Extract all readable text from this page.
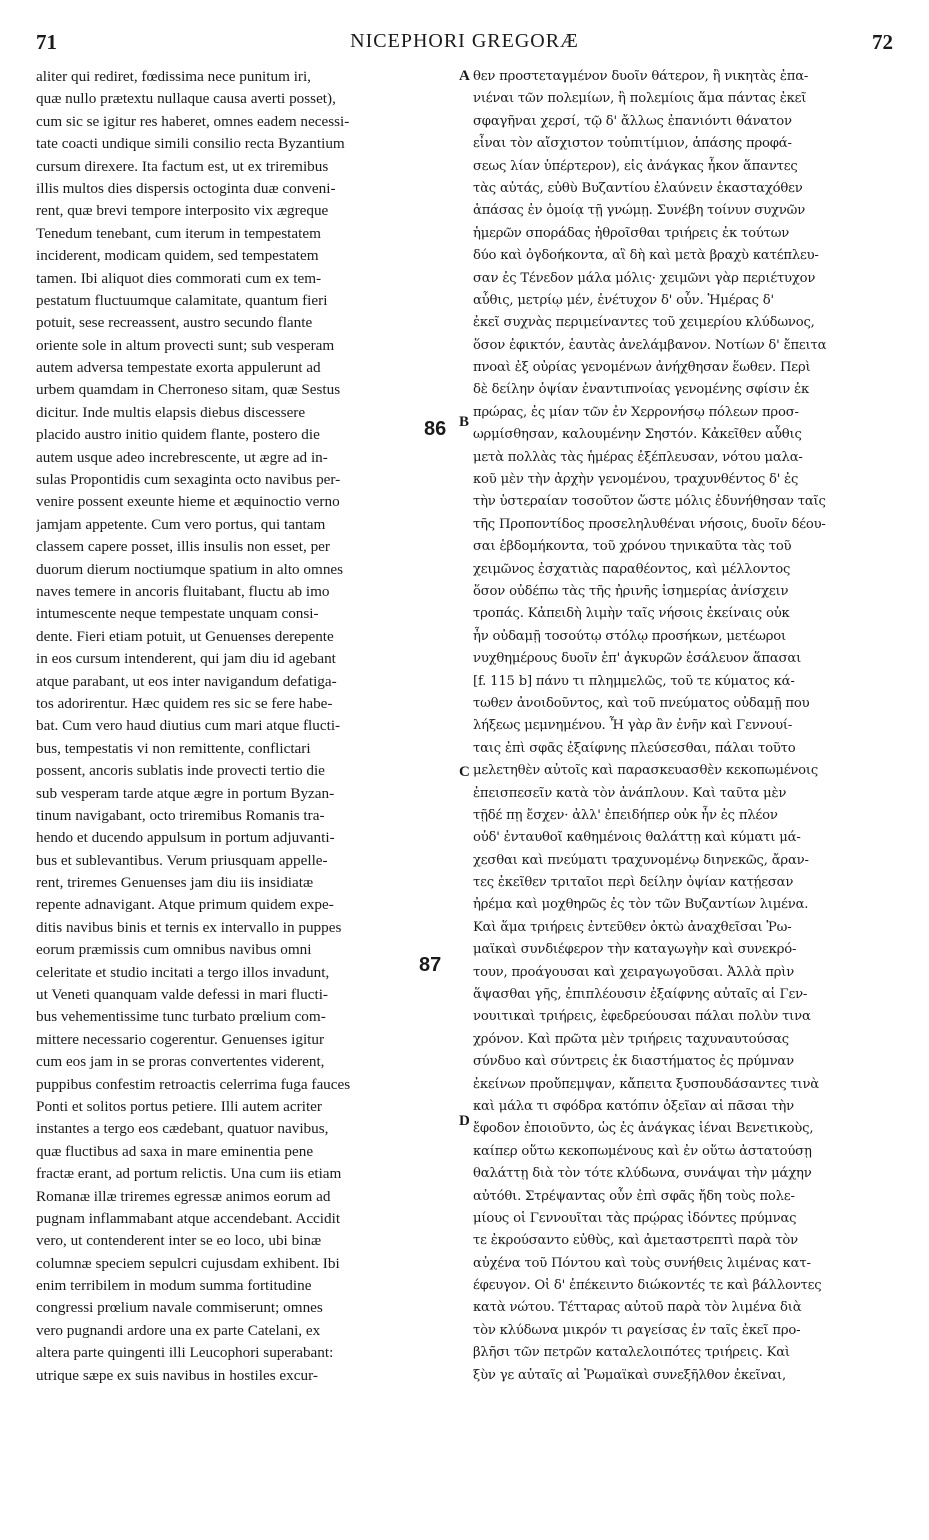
NICEPHORI GREGORÆ
71	72
aliter qui rediret, fœdissima nece punitum iri,
quæ nullo prætextu nullaque causa averti posset),
cum sic se igitur res haberet, omnes eadem necessi-
tate coacti undique simili consilio recta Byzantium
cursum direxere. Ita factum est, ut ex triremibus
illis multos dies dispersis octoginta duæ conveni-
rent, quæ brevi tempore interposito vix ægreque
Tenedum tenebant, cum iterum in tempestatem
inciderent, modicam quidem, sed tempestatem
tamen. Ibi aliquot dies commorati cum ex tem-
pestatum fluctuumque calamitate, quantum fieri
potuit, sese recreassent, austro secundo flante
oriente sole in altum provecti sunt; sub vesperam
autem adversa tempestate exorta appulerunt ad
urbem quamdam in Cherroneso sitam, quæ Sestus
dicitur. Inde multis elapsis diebus discessere
placido austro initio quidem flante, postero die
autem usque adeo increbrescente, ut ægre ad in-
sulas Propontidis cum sexaginta octo navibus per-
venire possent exeunte hieme et æquinoctio verno
jamjam appetente. Cum vero portus, qui tantam
classem capere posset, illis insulis non esset, per
duorum dierum noctiumque spatium in alto omnes
naves temere in ancoris fluitabant, fluctu ab imo
intumescente neque tempestate unquam consi-
dente. Fieri etiam potuit, ut Genuenses derepente
in eos cursum intenderent, qui jam diu id agebant
atque parabant, ut eos inter navigandum defatiga-
tos adorirentur. Hæc quidem res sic se fere habe-
bat. Cum vero haud diutius cum mari atque flucti-
bus, tempestatis vi non remittente, conflictari
possent, ancoris sublatis inde provecti tertio die
sub vesperam tarde atque ægre in portum Byzan-
tinum navigabant, octo triremibus Romanis tra-
hendo et ducendo appulsum in portum adjuvanti-
bus et sublevantibus. Verum priusquam appelle-
rent, triremes Genuenses jam diu iis insidiatæ
repente adnavigant. Atque primum quidem expe-
ditis navibus binis et ternis ex intervallo in puppes
eorum præmissis cum omnibus navibus omni
celeritate et studio incitati a tergo illos invadunt,
ut Veneti quanquam valde defessi in mari flucti-
bus vehementissime tunc turbato prœlium com-
mittere necessario cogerentur. Genuenses igitur
cum eos jam in se proras convertentes viderent,
puppibus confestim retroactis celerrima fuga fauces
Ponti et solitos portus petiere. Illi autem acriter
instantes a tergo eos cædebant, quatuor navibus,
quæ fluctibus ad saxa in mare eminentia pene
fractæ erant, ad portum relictis. Una cum iis etiam
Romanæ illæ triremes egressæ animos eorum ad
pugnam inflammabant atque accendebant. Accidit
vero, ut contenderent inter se eo loco, ubi binæ
columnæ speciem sepulcri cujusdam exhibent. Ibi
enim terribilem in modum summa fortitudine
congressi prœlium navale commiserunt; omnes
vero pugnandi ardore una ex parte Catelani, ex
altera parte quingenti illi Leucophori superabant:
utrique sæpe ex suis navibus in hostiles excur-
θεν προστεταγμένον δυοῖν θάτερον, ἢ νικητὰς ἐπα-
νιέναι τῶν πολεμίων, ἢ πολεμίοις ἅμα πάντας ἐκεῖ
σφαγῆναι χερσί, τῷ δ' ἄλλως ἐπανιόντι θάνατον
εἶναι τὸν αἴσχιστον τοὐπιτίμιον, ἁπάσης προφά-
σεως λίαν ὑπέρτερον), εἰς ἀνάγκας ἧκον ἅπαντες
τὰς αὐτάς, εὐθὺ Βυζαντίου ἐλαύνειν ἑκασταχόθεν
ἁπάσας ἐν ὁμοίᾳ τῇ γνώμῃ. Συνέβη τοίνυν συχνῶν
ἡμερῶν σποράδας ἠθροῖσθαι τριήρεις ἐκ τούτων
δύο καὶ ὀγδοήκοντα, αἳ δὴ καὶ μετὰ βραχὺ κατέπλευ-
σαν ἐς Τένεδον μάλα μόλις· χειμῶνι γὰρ περιέτυχον
αὖθις, μετρίῳ μέν, ἐνέτυχον δ' οὖν. Ἡμέρας δ'
ἐκεῖ συχνὰς περιμείναντες τοῦ χειμερίου κλύδωνος,
ὅσον ἐφικτόν, ἑαυτὰς ἀνελάμβανον. Νοτίων δ' ἔπειτα
πνοαὶ ἐξ οὐρίας γενομένων ἀνήχθησαν ἕωθεν. Περὶ
δὲ δείλην ὀψίαν ἐναντιπνοίας γενομένης σφίσιν ἐκ
πρώρας, ἐς μίαν τῶν ἐν Χερρονήσῳ πόλεων προσ-
ωρμίσθησαν, καλουμένην Σηστόν. Κἀκεῖθεν αὖθις
μετὰ πολλὰς τὰς ἡμέρας ἐξέπλευσαν, νότου μαλα-
κοῦ μὲν τὴν ἀρχὴν γενομένου, τραχυνθέντος δ' ἐς
τὴν ὑστεραίαν τοσοῦτον ὥστε μόλις ἐδυνήθησαν ταῖς
τῆς Προποντίδος προσεληλυθέναι νήσοις, δυοῖν δέου-
σαι ἑβδομήκοντα, τοῦ χρόνου τηνικαῦτα τὰς τοῦ
χειμῶνος ἐσχατιὰς παραθέοντος, καὶ μέλλοντος
ὅσον οὐδέπω τὰς τῆς ἠρινῆς ἰσημερίας ἀνίσχειν
τροπάς. Κἀπειδὴ λιμὴν ταῖς νήσοις ἐκείναις οὐκ
ἦν οὐδαμῇ τοσούτῳ στόλῳ προσήκων, μετέωροι
νυχθημέρους δυοῖν ἐπ' ἀγκυρῶν ἐσάλευον ἅπασαι
[f. 115 b] πάνυ τι πλημμελῶς, τοῦ τε κύματος κά-
τωθεν ἀνοιδοῦντος, καὶ τοῦ πνεύματος οὐδαμῇ που
λήξεως μεμνημένου. Ἦ γὰρ ἂν ἐνῆν καὶ Γεννουί-
ταις ἐπὶ σφᾶς ἐξαίφνης πλεύσεσθαι, πάλαι τοῦτο
μελετηθὲν αὐτοῖς καὶ παρασκευασθὲν κεκοπωμένοις
ἐπεισπεσεῖν κατὰ τὸν ἀνάπλουν. Καὶ ταῦτα μὲν
τῇδέ πῃ ἔσχεν· ἀλλ' ἐπειδήπερ οὐκ ἦν ἐς πλέον
οὐδ' ἐνταυθοῖ καθημένοις θαλάττῃ καὶ κύματι μά-
χεσθαι καὶ πνεύματι τραχυνομένῳ διηνεκῶς, ἄραν-
τες ἐκεῖθεν τριταῖοι περὶ δείλην ὀψίαν κατῄεσαν
ἠρέμα καὶ μοχθηρῶς ἐς τὸν τῶν Βυζαντίων λιμένα.
Καὶ ἅμα τριήρεις ἐντεῦθεν ὀκτὼ ἀναχθεῖσαι Ῥω-
μαϊκαὶ συνδιέφερον τὴν καταγωγὴν καὶ συνεκρό-
τουν, προάγουσαι καὶ χειραγωγοῦσαι. Ἀλλὰ πρὶν
ἅψασθαι γῆς, ἐπιπλέουσιν ἐξαίφνης αὐταῖς αἱ Γεν-
νουιτικαὶ τριήρεις, ἐφεδρεύουσαι πάλαι πολὺν τινα
χρόνον. Καὶ πρῶτα μὲν τριήρεις ταχυναυτούσας
σύνδυο καὶ σύντρεις ἐκ διαστήματος ἐς πρύμναν
ἐκείνων προὔπεμψαν, κἄπειτα ξυσπουδάσαντες τινὰ
καὶ μάλα τι σφόδρα κατόπιν ὀξεῖαν αἱ πᾶσαι τὴν
ἔφοδον ἐποιοῦντο, ὡς ἐς ἀνάγκας ἰέναι Βενετικοὺς,
καίπερ οὕτω κεκοπωμένους καὶ ἐν οὕτω ἀστατούσῃ
θαλάττῃ διὰ τὸν τότε κλύδωνα, συνάψαι τὴν μάχην
αὐτόθι. Στρέψαντας οὖν ἐπὶ σφᾶς ἤδη τοὺς πολε-
μίους οἱ Γεννουῖται τὰς πρῴρας ἰδόντες πρύμνας
τε ἐκρούσαντο εὐθὺς, καὶ ἀμεταστρεπτὶ παρὰ τὸν
αὐχένα τοῦ Πόντου καὶ τοὺς συνήθεις λιμένας κατ-
έφευγον. Οἱ δ' ἐπέκειντο διώκοντές τε καὶ βάλλοντες
κατὰ νώτου. Τέτταρας αὐτοῦ παρὰ τὸν λιμένα διὰ
τὸν κλύδωνα μικρόν τι ραγείσας ἐν ταῖς ἐκεῖ προ-
βλῆσι τῶν πετρῶν καταλελοιπότες τριήρεις. Καὶ
ξὺν γε αὐταῖς αἱ Ῥωμαϊκαὶ συνεξῆλθον ἐκεῖναι,
A
B
C
D
86
87
